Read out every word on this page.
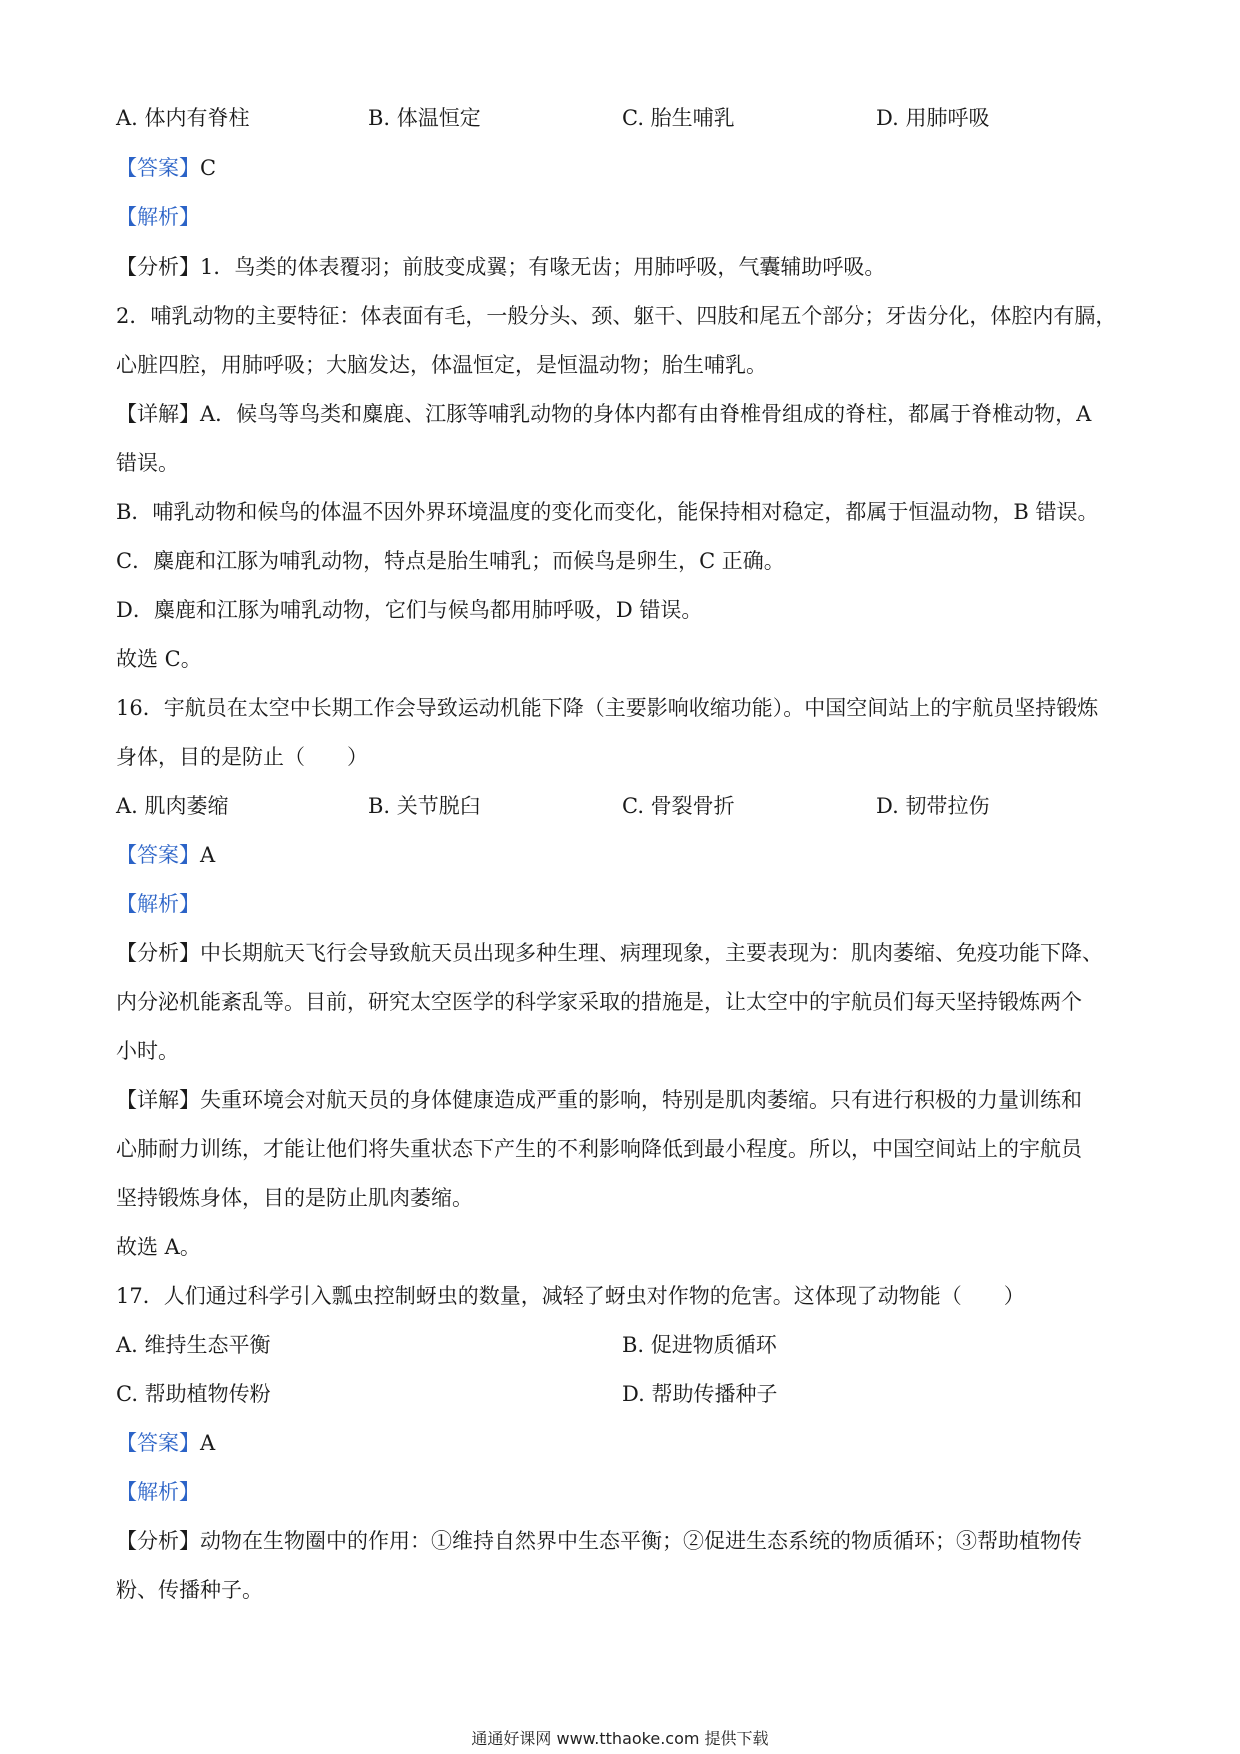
A. 体内有脊柱	B. 体温恒定	C. 胎生哺乳	D. 用肺呼吸
【答案】C
【解析】
【分析】1．鸟类的体表覆羽；前肢变成翼；有喙无齿；用肺呼吸，气囊辅助呼吸。
2．哺乳动物的主要特征：体表面有毛，一般分头、颈、躯干、四肢和尾五个部分；牙齿分化，体腔内有膈，
心脏四腔，用肺呼吸；大脑发达，体温恒定，是恒温动物；胎生哺乳。
【详解】A．候鸟等鸟类和麋鹿、江豚等哺乳动物的身体内都有由脊椎骨组成的脊柱，都属于脊椎动物，A
错误。
B．哺乳动物和候鸟的体温不因外界环境温度的变化而变化，能保持相对稳定，都属于恒温动物，B 错误。
C．麋鹿和江豚为哺乳动物，特点是胎生哺乳；而候鸟是卵生，C 正确。
D．麋鹿和江豚为哺乳动物，它们与候鸟都用肺呼吸，D 错误。
故选 C。
16．宇航员在太空中长期工作会导致运动机能下降（主要影响收缩功能）。中国空间站上的宇航员坚持锻炼
身体，目的是防止（　　）
A. 肌肉萎缩	B. 关节脱臼	C. 骨裂骨折	D. 韧带拉伤
【答案】A
【解析】
【分析】中长期航天飞行会导致航天员出现多种生理、病理现象，主要表现为：肌肉萎缩、免疫功能下降、
内分泌机能紊乱等。目前，研究太空医学的科学家采取的措施是，让太空中的宇航员们每天坚持锻炼两个
小时。
【详解】失重环境会对航天员的身体健康造成严重的影响，特别是肌肉萎缩。只有进行积极的力量训练和
心肺耐力训练，才能让他们将失重状态下产生的不利影响降低到最小程度。所以，中国空间站上的宇航员
坚持锻炼身体，目的是防止肌肉萎缩。
故选 A。
17．人们通过科学引入瓢虫控制蚜虫的数量，减轻了蚜虫对作物的危害。这体现了动物能（　　）
A. 维持生态平衡	B. 促进物质循环
C. 帮助植物传粉	D. 帮助传播种子
【答案】A
【解析】
【分析】动物在生物圈中的作用：①维持自然界中生态平衡；②促进生态系统的物质循环；③帮助植物传
粉、传播种子。
通通好课网 www.tthaoke.com 提供下载
